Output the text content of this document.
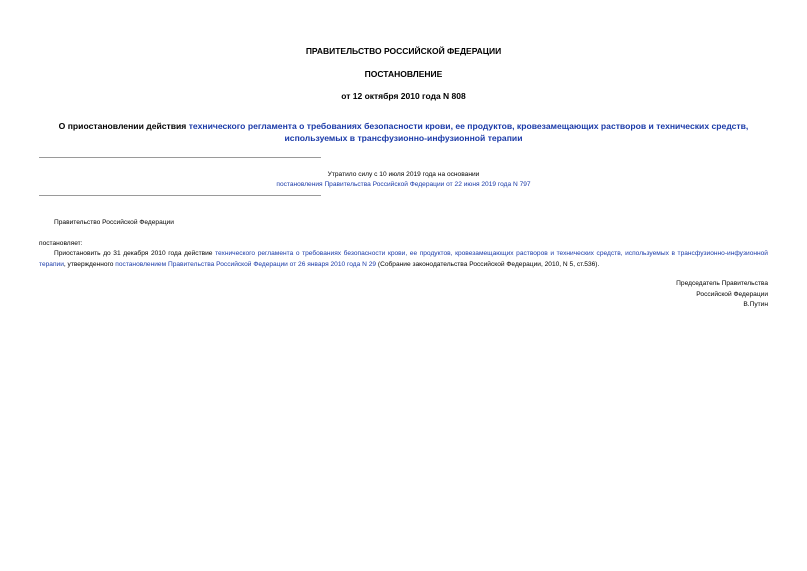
ПРАВИТЕЛЬСТВО РОССИЙСКОЙ ФЕДЕРАЦИИ
ПОСТАНОВЛЕНИЕ
от 12 октября 2010 года N 808
О приостановлении действия технического регламента о требованиях безопасности крови, ее продуктов, кровезамещающих растворов и технических средств, используемых в трансфузионно-инфузионной терапии
Утратило силу с 10 июля 2019 года на основании
постановления Правительства Российской Федерации от 22 июня 2019 года N 797
Правительство Российской Федерации
постановляет:
Приостановить до 31 декабря 2010 года действие технического регламента о требованиях безопасности крови, ее продуктов, кровезамещающих растворов и технических средств, используемых в трансфузионно-инфузионной терапии, утвержденного постановлением Правительства Российской Федерации от 26 января 2010 года N 29 (Собрание законодательства Российской Федерации, 2010, N 5, ст.536).
Председатель Правительства
Российской Федерации
В.Путин
